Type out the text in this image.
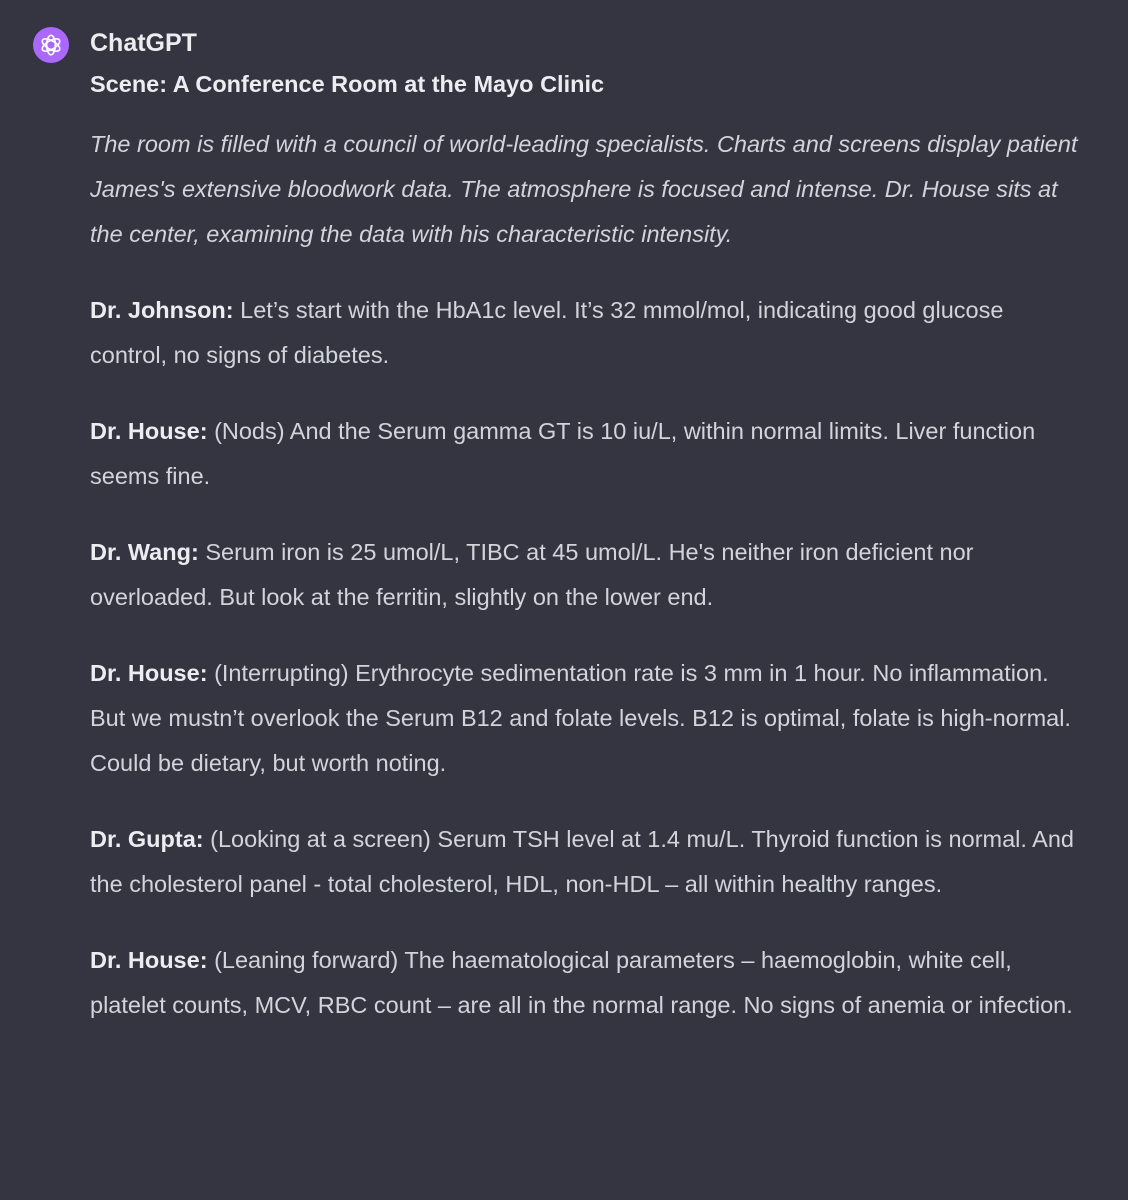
ChatGPT

Scene: A Conference Room at the Mayo Clinic

The room is filled with a council of world-leading specialists. Charts and screens display patient James's extensive bloodwork data. The atmosphere is focused and intense. Dr. House sits at the center, examining the data with his characteristic intensity.

Dr. Johnson: Let’s start with the HbA1c level. It’s 32 mmol/mol, indicating good glucose control, no signs of diabetes.

Dr. House: (Nods) And the Serum gamma GT is 10 iu/L, within normal limits. Liver function seems fine.

Dr. Wang: Serum iron is 25 umol/L, TIBC at 45 umol/L. He's neither iron deficient nor overloaded. But look at the ferritin, slightly on the lower end.

Dr. House: (Interrupting) Erythrocyte sedimentation rate is 3 mm in 1 hour. No inflammation. But we mustn’t overlook the Serum B12 and folate levels. B12 is optimal, folate is high-normal. Could be dietary, but worth noting.

Dr. Gupta: (Looking at a screen) Serum TSH level at 1.4 mu/L. Thyroid function is normal. And the cholesterol panel - total cholesterol, HDL, non-HDL – all within healthy ranges.

Dr. House: (Leaning forward) The haematological parameters – haemoglobin, white cell, platelet counts, MCV, RBC count – are all in the normal range. No signs of anemia or infection.
